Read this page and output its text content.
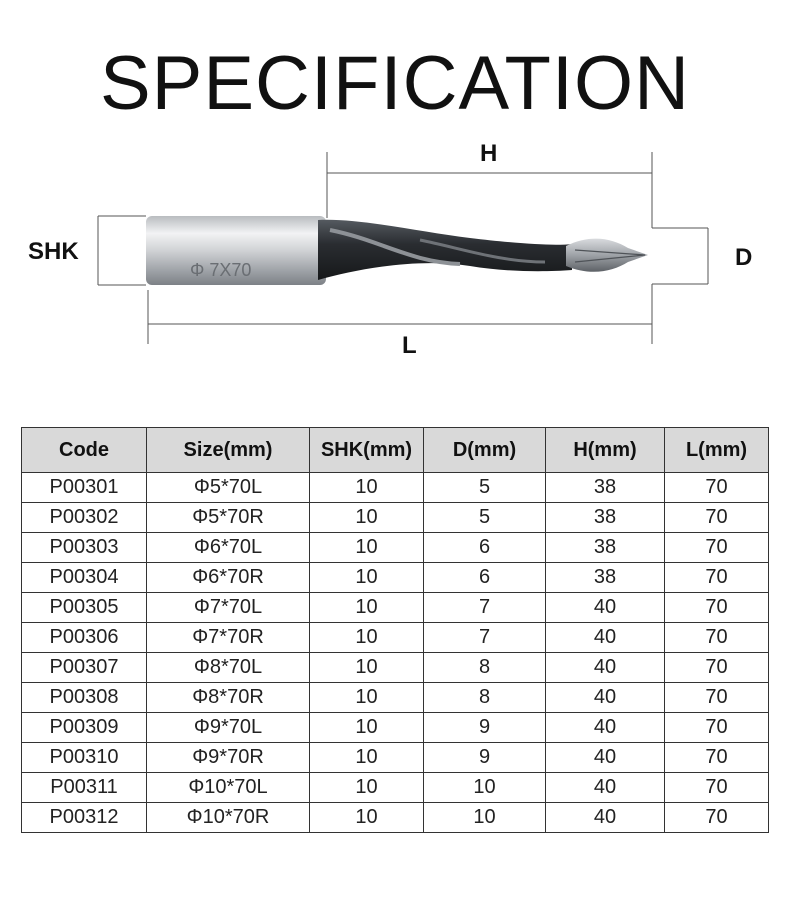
SPECIFICATION
Φ 7X70
H
SHK	D
L
Code	Size(mm)	SHK(mm)	D(mm)	H(mm)	L(mm)
P00301	Φ5*70L	10	5	38	70
P00302	Φ5*70R	10	5	38	70
P00303	Φ6*70L	10	6	38	70
P00304	Φ6*70R	10	6	38	70
P00305	Φ7*70L	10	7	40	70
P00306	Φ7*70R	10	7	40	70
P00307	Φ8*70L	10	8	40	70
P00308	Φ8*70R	10	8	40	70
P00309	Φ9*70L	10	9	40	70
P00310	Φ9*70R	10	9	40	70
P00311	Φ10*70L	10	10	40	70
P00312	Φ10*70R	10	10	40	70
